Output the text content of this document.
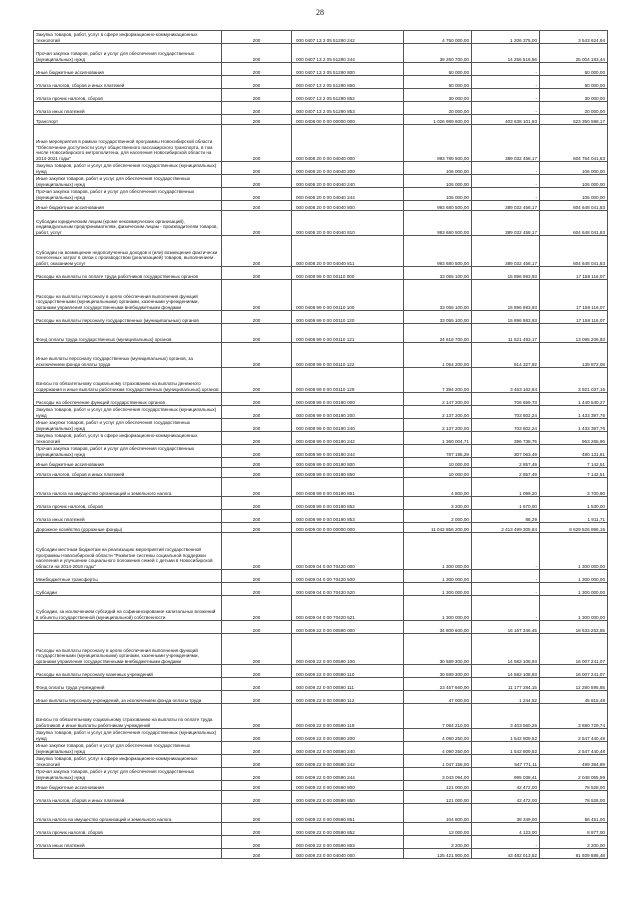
28
Закупка товаров, работ, услуг в сфере информационно-коммуникационных технологий	200	000 0407 13 2 05 51290 242	4 750 000,00	1 206 375,00	3 543 624,94
Прочая закупка товаров, работ и услуг для обеспечения государственных (муниципальных) нужд	200	000 0407 13 2 05 51290 244	39 260 700,00	14 256 516,56	25 004 183,44
Иные бюджетные ассигнования	200	000 0407 13 2 05 51290 800	50 000,00	-	50 000,00
Уплата налогов, сборов и иных платежей	200	000 0407 13 2 05 51290 850	50 000,00	-	50 000,00
Уплата прочих налогов, сборов	200	000 0407 13 2 05 51290 852	30 000,00	-	30 000,00
Уплата иных платежей	200	000 0407 13 2 05 51290 853	20 000,00	-	20 000,00
Транспорт	200	000 0408 00 0 00 00000 000	1 026 989 600,00	403 638 101,93	623 350 598,17
Иные мероприятия в рамках государственной программы Новосибирской области "Обеспечение доступности услуг общественного пассажирского транспорта, в том числе Новосибирского метрополитена, для населения Новосибирской области на 2014-2021 годы"	200	000 0408 20 0 00 04040 000	993 789 500,00	389 032 458,17	604 754 041,83
Закупка товаров, работ и услуг для обеспечения государственных (муниципальных) нужд	200	000 0408 20 0 00 04040 200	106 000,00	-	106 000,00
Иные закупки товаров, работ и услуг для обеспечения государственных (муниципальных) нужд	200	000 0408 20 0 00 04040 240	106 000,00	-	106 000,00
Прочая закупка товаров, работ и услуг для обеспечения государственных (муниципальных) нужд	200	000 0408 20 0 00 04040 244	106 000,00	-	106 000,00
Иные бюджетные ассигнования	200	000 0408 20 0 00 04040 800	993 680 500,00	389 032 458,17	604 648 041,83
Субсидии юридическим лицам (кроме некоммерческих организаций), индивидуальным предпринимателям, физическим лицам - производителям товаров, работ, услуг	200	000 0408 20 0 00 04040 810	993 680 500,00	389 032 458,17	604 648 041,83
Субсидии на возмещение недополученных доходов и (или) возмещение фактически понесенных затрат в связи с производством (реализацией) товаров, выполнением работ, оказанием услуг	200	000 0408 20 0 00 04040 811	993 680 500,00	389 032 458,17	604 648 041,83
Расходы на выплаты по оплате труда работников государственных органов	200	000 0408 99 0 00 00110 000	33 055 100,00	15 896 983,93	17 158 116,07
Расходы на выплаты персоналу в целях обеспечения выполнения функций государственными (муниципальными) органами, казенными учреждениями, органами управления государственными внебюджетными фондами	200	000 0408 99 0 00 00110 100	33 055 100,00	15 896 983,93	17 158 116,07
Расходы на выплаты персоналу государственных (муниципальных) органов	200	000 0408 99 0 00 00110 120	33 055 100,00	15 896 983,93	17 158 116,07
Фонд оплаты труда государственных (муниципальных) органов	200	000 0408 99 0 00 00110 121	24 616 700,00	11 521 493,17	13 095 206,83
Иные выплаты персоналу государственных (муниципальных) органов, за исключением фонда оплаты труда	200	000 0408 99 0 00 00110 122	1 054 200,00	914 327,92	139 872,08
Взносы по обязательному социальному страхованию на выплаты денежного содержания и иные выплаты работникам государственных (муниципальных) органов	200	000 0408 99 0 00 00110 129	7 384 200,00	3 463 162,84	3 921 037,16
Расходы на обеспечение функций государственных органов	200	000 0408 99 0 00 00190 000	2 147 200,00	706 659,73	1 440 540,27
Закупка товаров, работ и услуг для обеспечения государственных (муниципальных) нужд	200	000 0408 99 0 00 00190 200	2 137 200,00	703 802,24	1 433 397,76
Иные закупки товаров, работ и услуг для обеспечения государственных (муниципальных) нужд	200	000 0408 99 0 00 00190 240	2 137 200,00	703 802,24	1 433 397,76
Закупка товаров, работ, услуг в сфере информационно-коммуникационных технологий	200	000 0408 99 0 00 00190 242	1 360 004,71	396 738,75	963 265,96
Прочая закупка товаров, работ и услуг для обеспечения государственных (муниципальных) нужд	200	000 0408 99 0 00 00190 244	787 195,29	307 063,49	480 131,81
Иные бюджетные ассигнования	200	000 0408 99 0 00 00190 800	10 000,00	2 857,49	7 142,51
Уплата налогов, сборов и иных платежей	200	000 0408 99 0 00 00190 850	10 000,00	2 857,49	7 142,51
Уплата налога на имущество организаций и земельного налога	200	000 0408 99 0 00 00190 851	4 800,00	1 099,20	3 700,80
Уплата прочих налогов, сборов	200	000 0408 99 0 00 00190 852	3 200,00	1 670,00	1 530,00
Уплата иных платежей	200	000 0408 99 0 00 00190 853	2 000,00	88,29	1 911,71
Дорожное хозяйство (дорожные фонды)	200	000 0409 00 0 00 00000 000	11 042 856 200,00	2 413 499 305,84	8 629 526 896,16
Субсидии местным бюджетам на реализацию мероприятий государственной программы Новосибирской области "Развитие системы социальной поддержки населения и улучшение социального положения семей с детьми в Новосибирской области на 2014-2019 годы"	200	000 0409 04 0 00 70420 000	1 300 000,00	-	1 300 000,00
Межбюджетные трансферты	200	000 0409 04 0 00 70420 500	1 300 000,00	-	1 300 000,00
Субсидии	200	000 0409 04 0 00 70420 520	1 300 000,00	-	1 300 000,00
Субсидии, за исключением субсидий на софинансирование капитальных вложений в объекты государственной (муниципальной) собственности	200	000 0409 04 0 00 70420 521	1 300 000,00	-	1 300 000,00
	200	000 0409 22 0 00 00590 000	34 800 600,00	16 167 346,45	18 633 253,55
Расходы на выплаты персоналу в целях обеспечения выполнения функций государственными (муниципальными) органами, казенными учреждениями, органами управления государственными внебюджетными фондами	200	000 0409 22 0 00 00590 100	30 589 300,00	14 582 108,93	16 007 241,07
Расходы на выплаты персоналу казенных учреждений	200	000 0409 22 0 00 00590 110	30 589 300,00	14 582 108,93	16 007 241,07
Фонд оплаты труда учреждений	200	000 0409 22 0 00 00590 111	23 457 660,00	11 177 284,15	12 280 595,85
Иные выплаты персоналу учреждений, за исключением фонда оплаты труда	200	000 0409 22 0 00 00590 112	47 000,00	1 244,52	45 815,48
Взносы по обязательному социальному страхованию на выплаты по оплате труда работников и иные выплаты работникам учреждений	200	000 0409 22 0 00 00590 119	7 084 210,00	3 403 560,26	3 680 729,74
Закупка товаров, работ и услуг для обеспечения государственных (муниципальных) нужд	200	000 0409 22 0 00 00590 200	4 090 250,00	1 542 809,52	2 547 440,48
Иные закупки товаров, работ и услуг для обеспечения государственных (муниципальных) нужд	200	000 0409 22 0 00 00590 240	4 090 250,00	1 542 809,52	2 547 440,48
Закупка товаров, работ, услуг в сфере информационно-коммуникационных технологий	200	000 0409 22 0 00 00590 242	1 047 156,00	547 771,11	499 384,89
Прочая закупка товаров, работ и услуг для обеспечения государственных (муниципальных) нужд	200	000 0409 22 0 00 00590 244	3 043 094,00	995 038,41	2 048 055,59
Иные бюджетные ассигнования	200	000 0409 22 0 00 00590 800	121 000,00	42 472,00	78 528,00
Уплата налогов, сборов и иных платежей	200	000 0409 22 0 00 00590 850	121 000,00	42 472,00	78 528,00
Уплата налога на имущество организаций и земельного налога	200	000 0409 22 0 00 00590 851	104 800,00	38 349,00	66 451,00
Уплата прочих налогов, сборов	200	000 0409 22 0 00 00590 852	13 000,00	4 123,00	8 877,00
Уплата иных платежей	200	000 0409 22 0 00 00590 853	3 200,00	-	3 200,00
	200	000 0409 23 0 00 04040 000	125 421 900,00	43 482 013,52	81 939 886,48
